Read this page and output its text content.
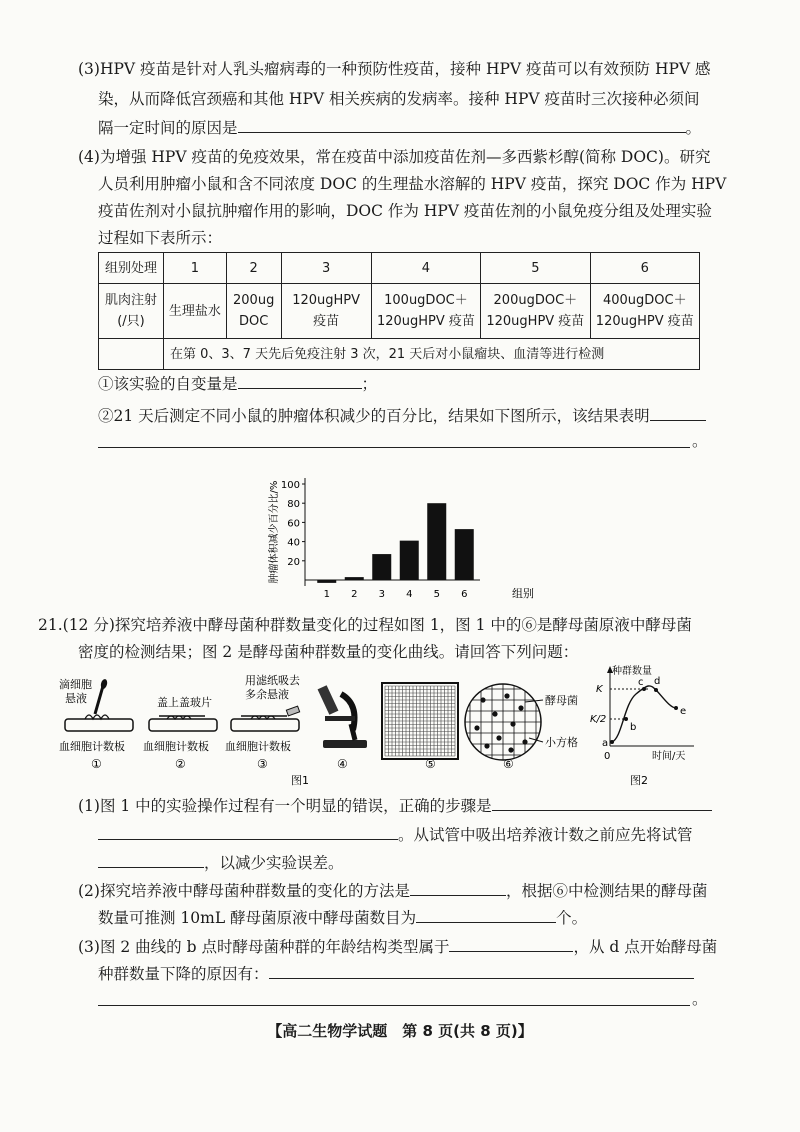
(3)HPV 疫苗是针对人乳头瘤病毒的一种预防性疫苗，接种 HPV 疫苗可以有效预防 HPV 感
染，从而降低宫颈癌和其他 HPV 相关疾病的发病率。接种 HPV 疫苗时三次接种必须间
隔一定时间的原因是	。
(4)为增强 HPV 疫苗的免疫效果，常在疫苗中添加疫苗佐剂—多西紫杉醇(简称 DOC)。研究
人员利用肿瘤小鼠和含不同浓度 DOC 的生理盐水溶解的 HPV 疫苗，探究 DOC 作为 HPV
疫苗佐剂对小鼠抗肿瘤作用的影响，DOC 作为 HPV 疫苗佐剂的小鼠免疫分组及处理实验
过程如下表所示：
组别处理	1	2	3	4	5	6
肌肉注射(/只)	生理盐水	200ug DOC	120ugHPV 疫苗	100ugDOC＋ 120ugHPV 疫苗	200ugDOC＋ 120ugHPV 疫苗	400ugDOC＋ 120ugHPV 疫苗
	在第 0、3、7 天先后免疫注射 3 次，21 天后对小鼠瘤块、血清等进行检测					
①该实验的自变量是	；
②21 天后测定不同小鼠的肿瘤体积减少的百分比，结果如下图所示，该结果表明
。
肿瘤体积减少百分比/%
组别
20
40
60
80
100
1 2 3 4 5 6
21.(12 分)探究培养液中酵母菌种群数量变化的过程如图 1，图 1 中的⑥是酵母菌原液中酵母菌
密度的检测结果；图 2 是酵母菌种群数量的变化曲线。请回答下列问题：
滴细胞
悬液
血细胞计数板
①
盖上盖玻片
血细胞计数板
②
用滤纸吸去
多余悬液
血细胞计数板
③	④	⑤
酵母菌
小方格
⑥
图1
种群数量
K
K/2
a
b
c d
e
0	时间/天
图2
(1)图 1 中的实验操作过程有一个明显的错误，正确的步骤是
。从试管中吸出培养液计数之前应先将试管
，以减少实验误差。
(2)探究培养液中酵母菌种群数量的变化的方法是	，根据⑥中检测结果的酵母菌
数量可推测 10mL 酵母菌原液中酵母菌数目为	个。
(3)图 2 曲线的 b 点时酵母菌种群的年龄结构类型属于	，从 d 点开始酵母菌
种群数量下降的原因有：
。
【高二生物学试题　第 8 页(共 8 页)】
